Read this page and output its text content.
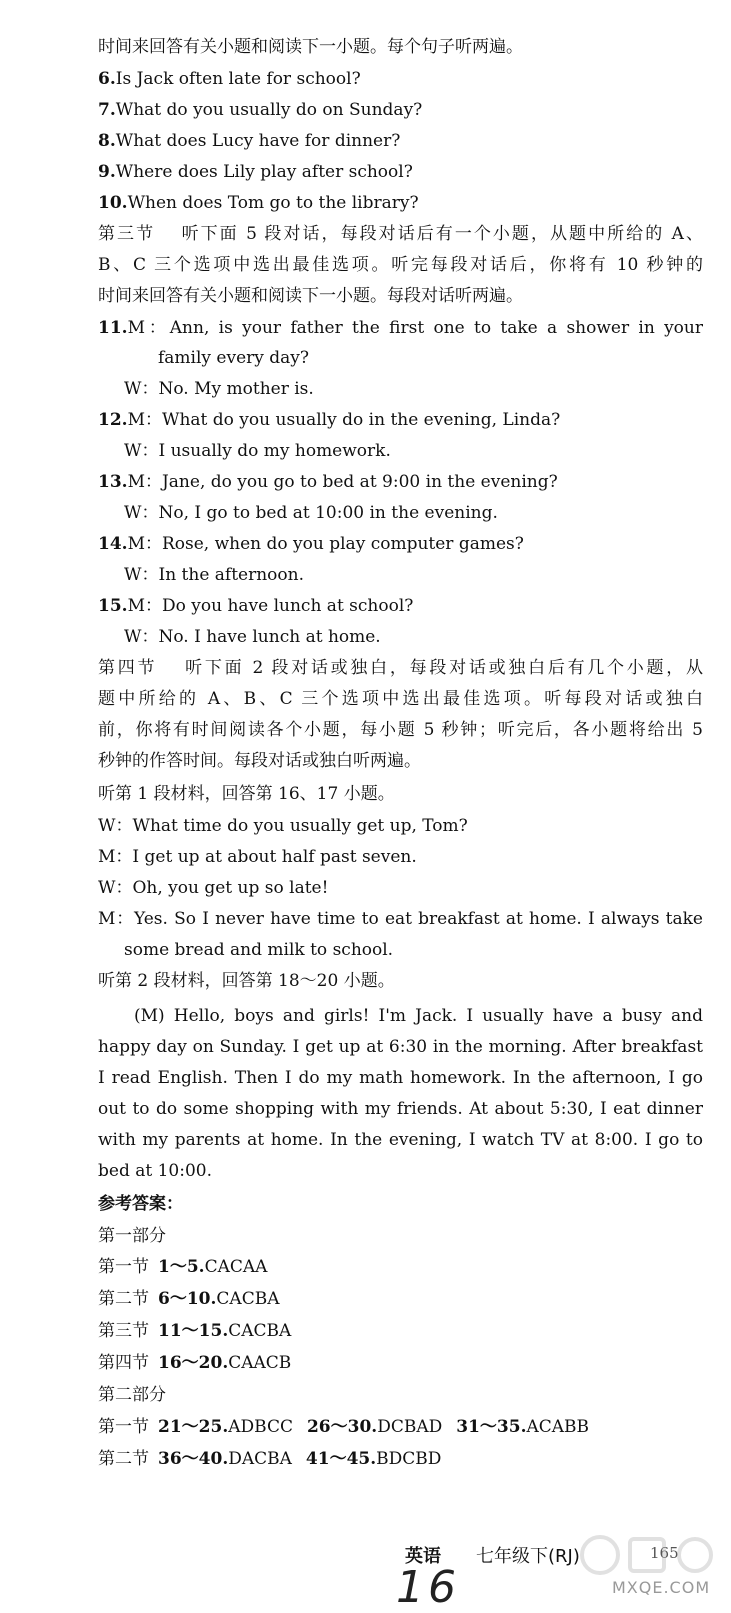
时间来回答有关小题和阅读下一小题。每个句子听两遍。
6.Is Jack often late for school?
7.What do you usually do on Sunday?
8.What does Lucy have for dinner?
9.Where does Lily play after school?
10.When does Tom go to the library?
第三节　 听下面 5 段对话，每段对话后有一个小题，从题中所给的 A、
B、C 三个选项中选出最佳选项。听完每段对话后，你将有 10 秒钟的
时间来回答有关小题和阅读下一小题。每段对话听两遍。
11.M：Ann, is your father the first one to take a shower in your
family every day?
W：No. My mother is.
12.M：What do you usually do in the evening, Linda?
W：I usually do my homework.
13.M：Jane, do you go to bed at 9:00 in the evening?
W：No, I go to bed at 10:00 in the evening.
14.M：Rose, when do you play computer games?
W：In the afternoon.
15.M：Do you have lunch at school?
W：No. I have lunch at home.
第四节　 听下面 2 段对话或独白，每段对话或独白后有几个小题，从
题中所给的 A、B、C 三个选项中选出最佳选项。听每段对话或独白
前，你将有时间阅读各个小题，每小题 5 秒钟；听完后，各小题将给出 5
秒钟的作答时间。每段对话或独白听两遍。
听第 1 段材料，回答第 16、17 小题。
W：What time do you usually get up, Tom?
M：I get up at about half past seven.
W：Oh, you get up so late!
M：Yes. So I never have time to eat breakfast at home. I always take
some bread and milk to school.
听第 2 段材料，回答第 18～20 小题。
(M) Hello, boys and girls! I'm Jack. I usually have a busy and
happy day on Sunday. I get up at 6:30 in the morning. After breakfast
I read English. Then I do my math homework. In the afternoon, I go
out to do some shopping with my friends. At about 5:30, I eat dinner
with my parents at home. In the evening, I watch TV at 8:00. I go to
bed at 10:00.
参考答案：
第一部分
第一节 1～5.CACAA
第二节 6～10.CACBA
第三节 11～15.CACBA
第四节 16～20.CAACB
第二部分
第一节 21～25.ADBCC 26～30.DCBAD 31～35.ACABB
第二节 36～40.DACBA 41～45.BDCBD
英语 七年级下(RJ)	165
MXQE.COM
16
